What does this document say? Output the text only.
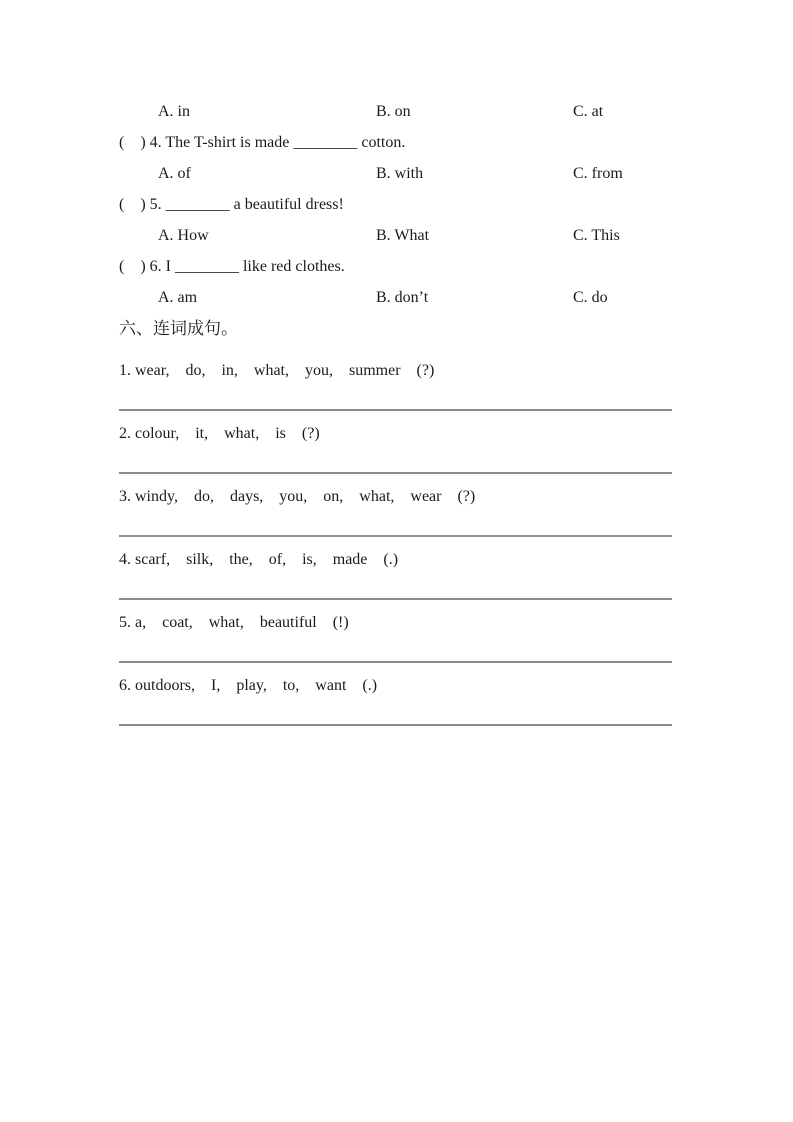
A. in	B. on	C. at
(    ) 4. The T-shirt is made ________ cotton.
A. of	B. with	C. from
(    ) 5. ________ a beautiful dress!
A. How	B. What	C. This
(    ) 6. I ________ like red clothes.
A. am	B. don’t	C. do
六、连词成句。
1. wear,    do,    in,    what,    you,    summer    (?)
2. colour,    it,    what,    is    (?)
3. windy,    do,    days,    you,    on,    what,    wear    (?)
4. scarf,    silk,    the,    of,    is,    made    (.)
5. a,    coat,    what,    beautiful    (!)
6. outdoors,    I,    play,    to,    want    (.)
